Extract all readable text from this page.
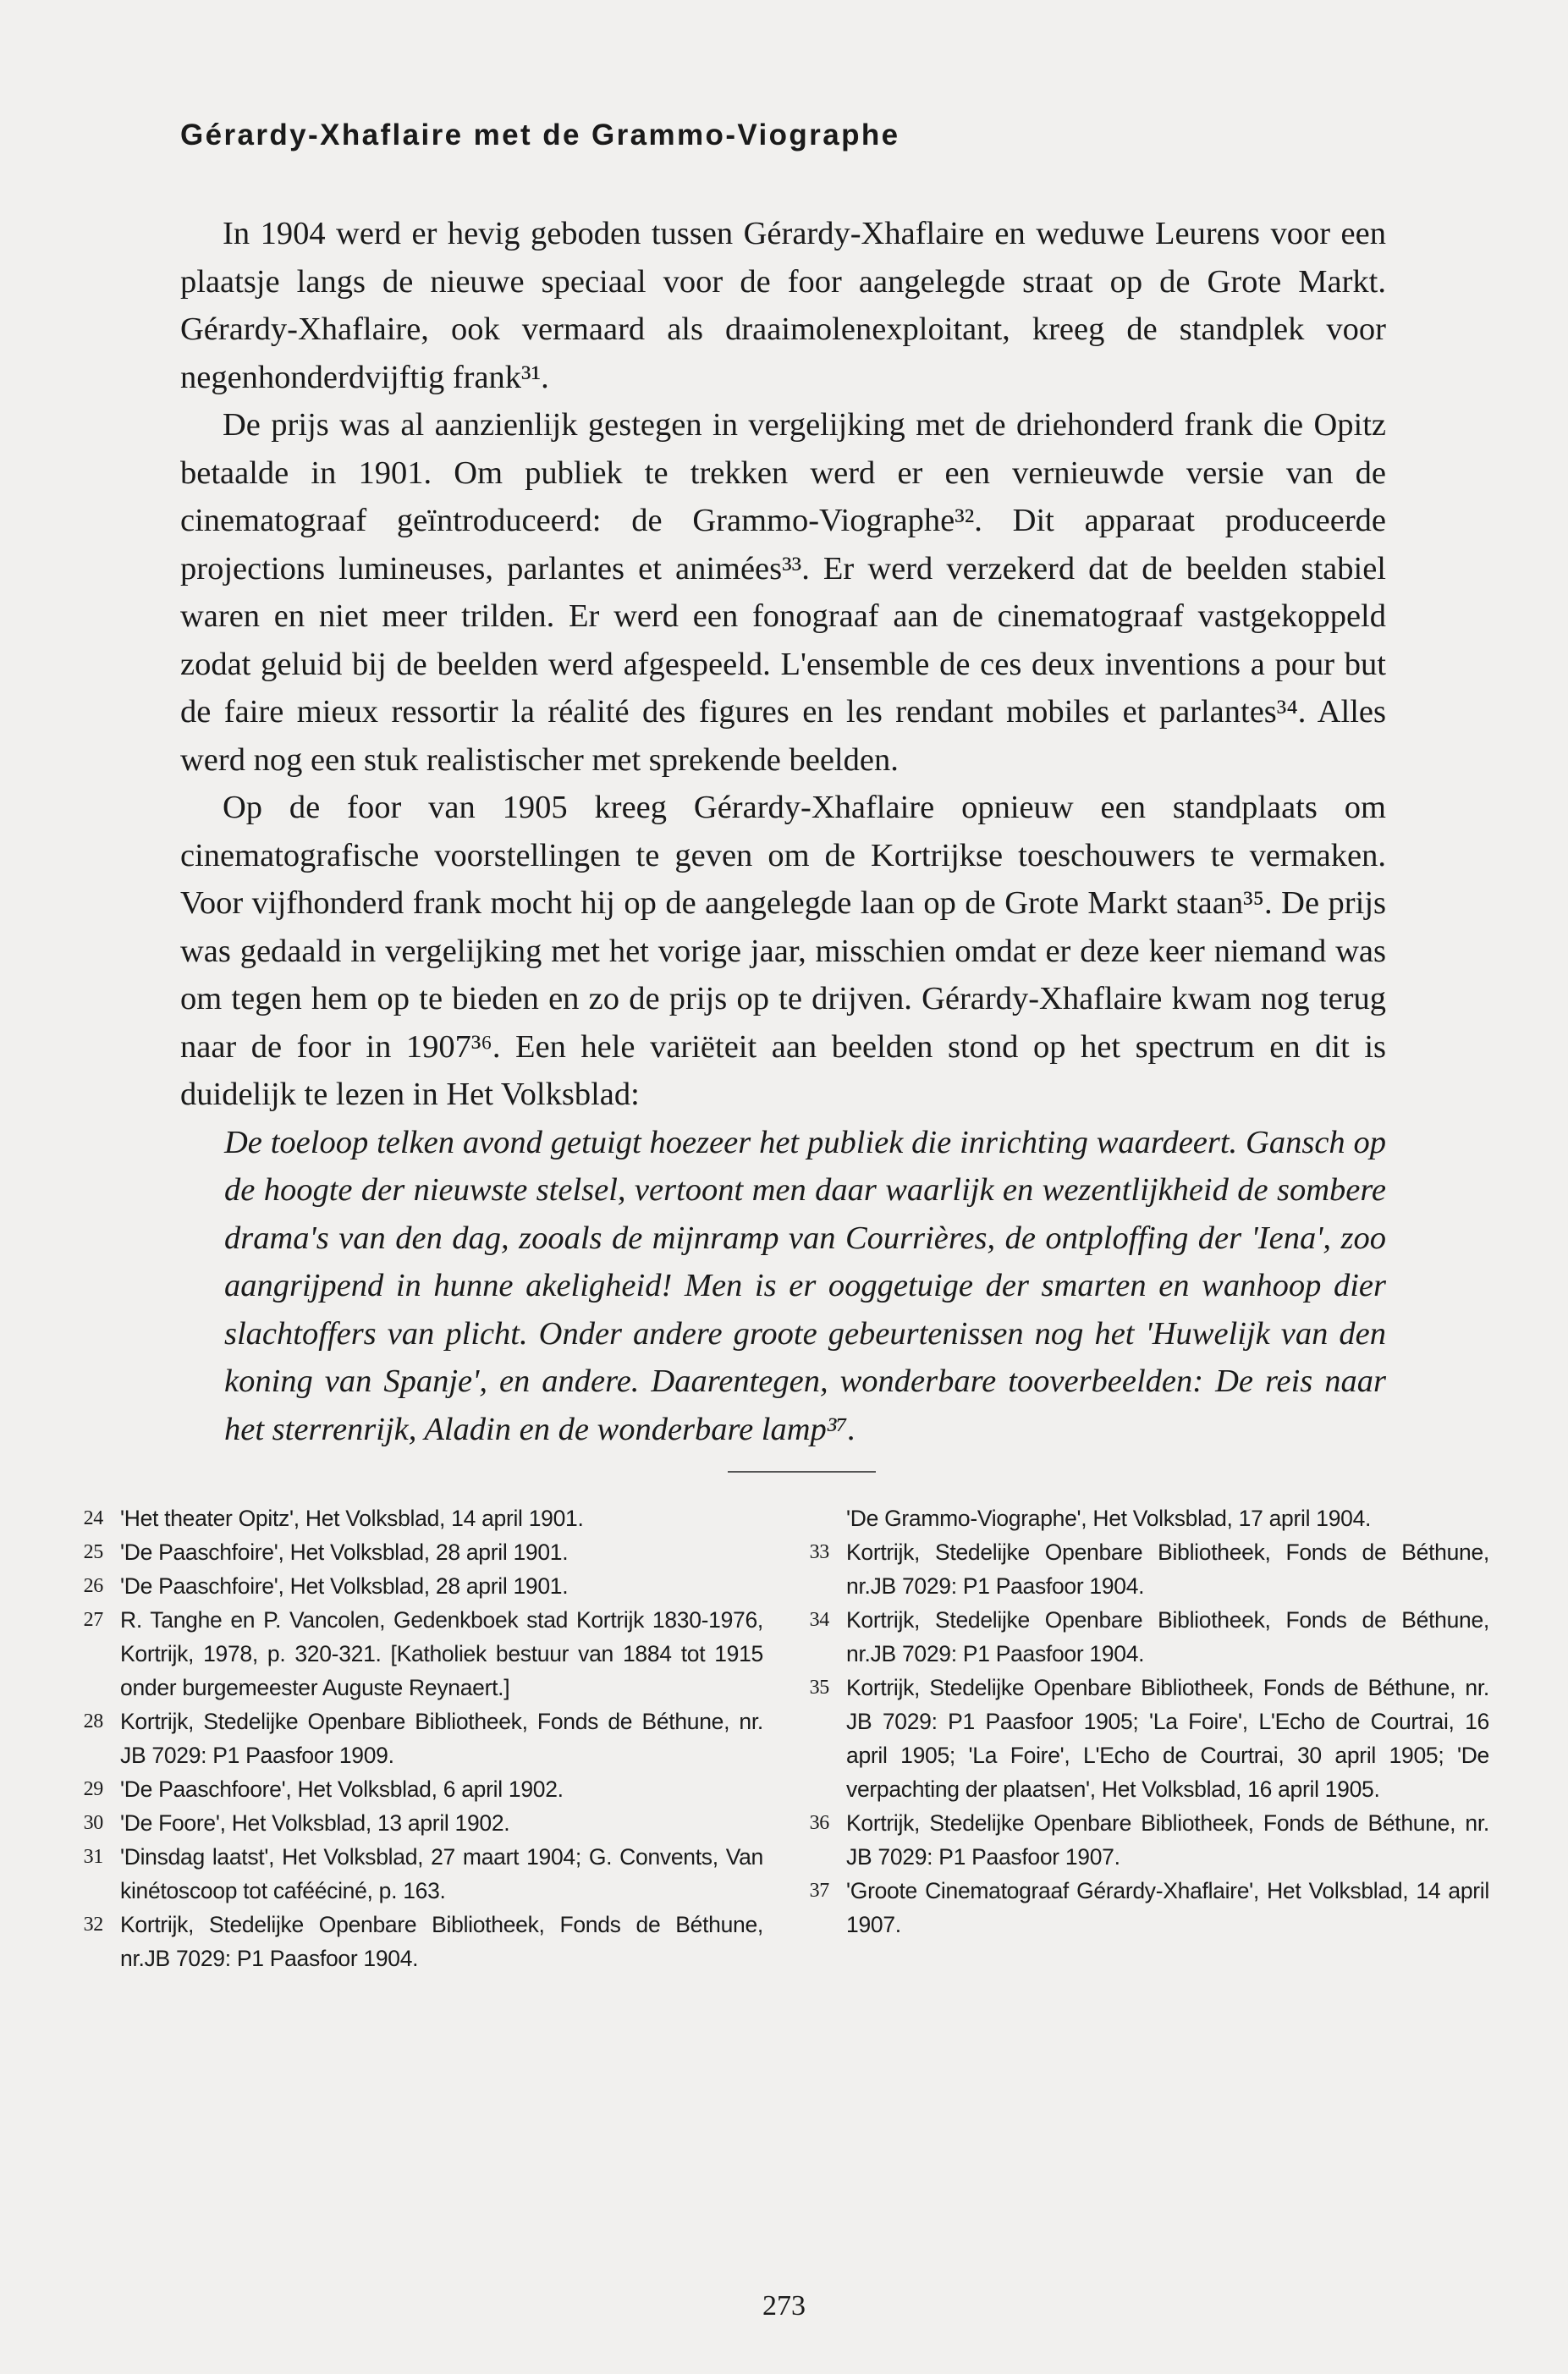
Gérardy-Xhaflaire met de Grammo-Viographe

In 1904 werd er hevig geboden tussen Gérardy-Xhaflaire en weduwe Leurens voor een plaatsje langs de nieuwe speciaal voor de foor aangelegde straat op de Grote Markt. Gérardy-Xhaflaire, ook vermaard als draaimolenexploitant, kreeg de standplek voor negenhonderdvijftig frank³¹.

De prijs was al aanzienlijk gestegen in vergelijking met de driehonderd frank die Opitz betaalde in 1901. Om publiek te trekken werd er een vernieuwde versie van de cinematograaf geïntroduceerd: de Grammo-Viographe³². Dit apparaat produceerde projections lumineuses, parlantes et animées³³. Er werd verzekerd dat de beelden stabiel waren en niet meer trilden. Er werd een fonograaf aan de cinematograaf vastgekoppeld zodat geluid bij de beelden werd afgespeeld. L'ensemble de ces deux inventions a pour but de faire mieux ressortir la réalité des figures en les rendant mobiles et parlantes³⁴. Alles werd nog een stuk realistischer met sprekende beelden.

Op de foor van 1905 kreeg Gérardy-Xhaflaire opnieuw een standplaats om cinematografische voorstellingen te geven om de Kortrijkse toeschouwers te vermaken. Voor vijfhonderd frank mocht hij op de aangelegde laan op de Grote Markt staan³⁵. De prijs was gedaald in vergelijking met het vorige jaar, misschien omdat er deze keer niemand was om tegen hem op te bieden en zo de prijs op te drijven. Gérardy-Xhaflaire kwam nog terug naar de foor in 1907³⁶. Een hele variëteit aan beelden stond op het spectrum en dit is duidelijk te lezen in Het Volksblad:

De toeloop telken avond getuigt hoezeer het publiek die inrichting waardeert. Gansch op de hoogte der nieuwste stelsel, vertoont men daar waarlijk en wezentlijkheid de sombere drama's van den dag, zooals de mijnramp van Courrières, de ontploffing der 'Iena', zoo aangrijpend in hunne akeligheid! Men is er ooggetuige der smarten en wanhoop dier slachtoffers van plicht. Onder andere groote gebeurtenissen nog het 'Huwelijk van den koning van Spanje', en andere. Daarentegen, wonderbare tooverbeelden: De reis naar het sterrenrijk, Aladin en de wonderbare lamp³⁷.

24 'Het theater Opitz', Het Volksblad, 14 april 1901.
25 'De Paaschfoire', Het Volksblad, 28 april 1901.
26 'De Paaschfoire', Het Volksblad, 28 april 1901.
27 R. Tanghe en P. Vancolen, Gedenkboek stad Kortrijk 1830-1976, Kortrijk, 1978, p. 320-321. [Katholiek bestuur van 1884 tot 1915 onder burgemeester Auguste Reynaert.]
28 Kortrijk, Stedelijke Openbare Bibliotheek, Fonds de Béthune, nr. JB 7029: P1 Paasfoor 1909.
29 'De Paaschfoore', Het Volksblad, 6 april 1902.
30 'De Foore', Het Volksblad, 13 april 1902.
31 'Dinsdag laatst', Het Volksblad, 27 maart 1904; G. Convents, Van kinétoscoop tot cafééciné, p. 163.
32 Kortrijk, Stedelijke Openbare Bibliotheek, Fonds de Béthune, nr.JB 7029: P1 Paasfoor 1904.
'De Grammo-Viographe', Het Volksblad, 17 april 1904.
33 Kortrijk, Stedelijke Openbare Bibliotheek, Fonds de Béthune, nr.JB 7029: P1 Paasfoor 1904.
34 Kortrijk, Stedelijke Openbare Bibliotheek, Fonds de Béthune, nr.JB 7029: P1 Paasfoor 1904.
35 Kortrijk, Stedelijke Openbare Bibliotheek, Fonds de Béthune, nr. JB 7029: P1 Paasfoor 1905; 'La Foire', L'Echo de Courtrai, 16 april 1905; 'La Foire', L'Echo de Courtrai, 30 april 1905; 'De verpachting der plaatsen', Het Volksblad, 16 april 1905.
36 Kortrijk, Stedelijke Openbare Bibliotheek, Fonds de Béthune, nr. JB 7029: P1 Paasfoor 1907.
37 'Groote Cinematograaf Gérardy-Xhaflaire', Het Volksblad, 14 april 1907.
273
